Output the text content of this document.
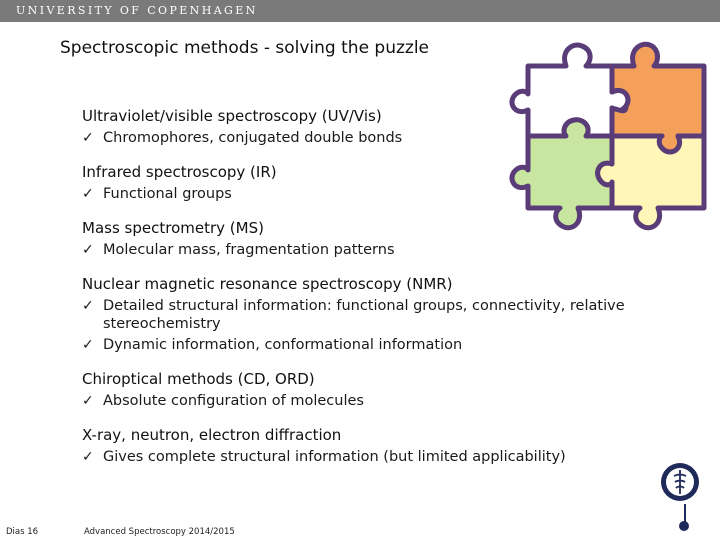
UNIVERSITY OF COPENHAGEN
Spectroscopic methods - solving the puzzle
Ultraviolet/visible spectroscopy (UV/Vis)
✓ Chromophores, conjugated double bonds
Infrared spectroscopy (IR)
✓ Functional groups
Mass spectrometry (MS)
✓ Molecular mass, fragmentation patterns
Nuclear magnetic resonance spectroscopy (NMR)
✓ Detailed structural information: functional groups, connectivity, relative stereochemistry
✓ Dynamic information, conformational information
Chiroptical methods (CD, ORD)
✓ Absolute configuration of molecules
X-ray, neutron, electron diffraction
✓ Gives complete structural information (but limited applicability)
Dias 16	Advanced Spectroscopy 2014/2015
